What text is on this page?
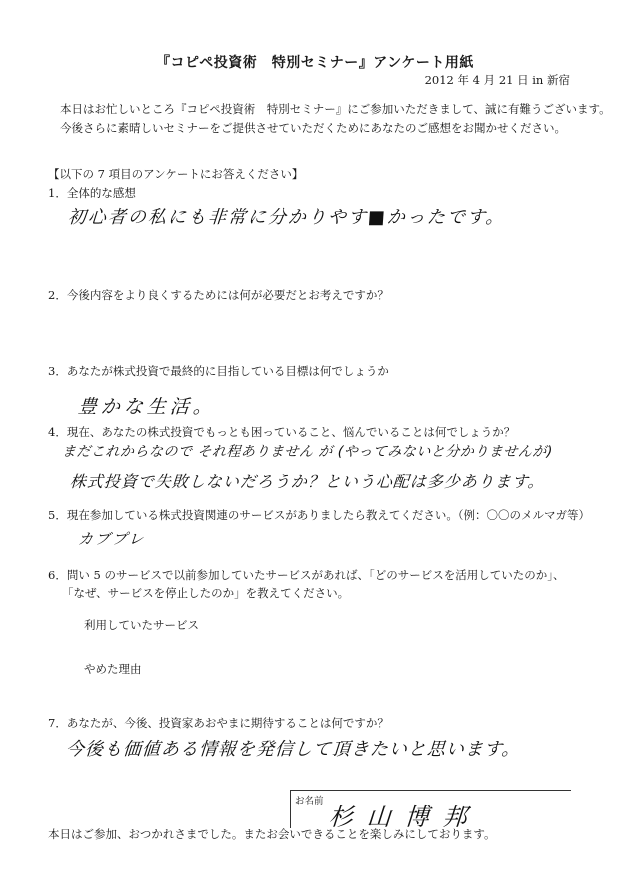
『コピペ投資術　特別セミナー』アンケート用紙
2012 年 4 月 21 日 in 新宿
本日はお忙しいところ『コピペ投資術　特別セミナー』にご参加いただきまして、誠に有難うございます。
今後さらに素晴しいセミナーをご提供させていただくためにあなたのご感想をお聞かせください。
【以下の 7 項目のアンケートにお答えください】
1．全体的な感想
初心者の私にも非常に分かりやす■かったです。
2．今後内容をより良くするためには何が必要だとお考えですか？
3．あなたが株式投資で最終的に目指している目標は何でしょうか
豊かな生活。
4．現在、あなたの株式投資でもっとも困っていること、悩んでいることは何でしょうか？
まだこれからなので それ程ありません が (やってみないと分かりませんが)
株式投資で失敗しないだろうか？という心配は多少あります。
5．現在参加している株式投資関連のサービスがありましたら教えてください。（例：〇〇のメルマガ等）
カブプレ
6．問い 5 のサービスで以前参加していたサービスがあれば、「どのサービスを活用していたのか」、
「なぜ、サービスを停止したのか」を教えてください。
利用していたサービス
やめた理由
7．あなたが、今後、投資家あおやまに期待することは何ですか？
今後も価値ある情報を発信して頂きたいと思います。
お名前
杉山博邦
本日はご参加、おつかれさまでした。またお会いできることを楽しみにしております。
